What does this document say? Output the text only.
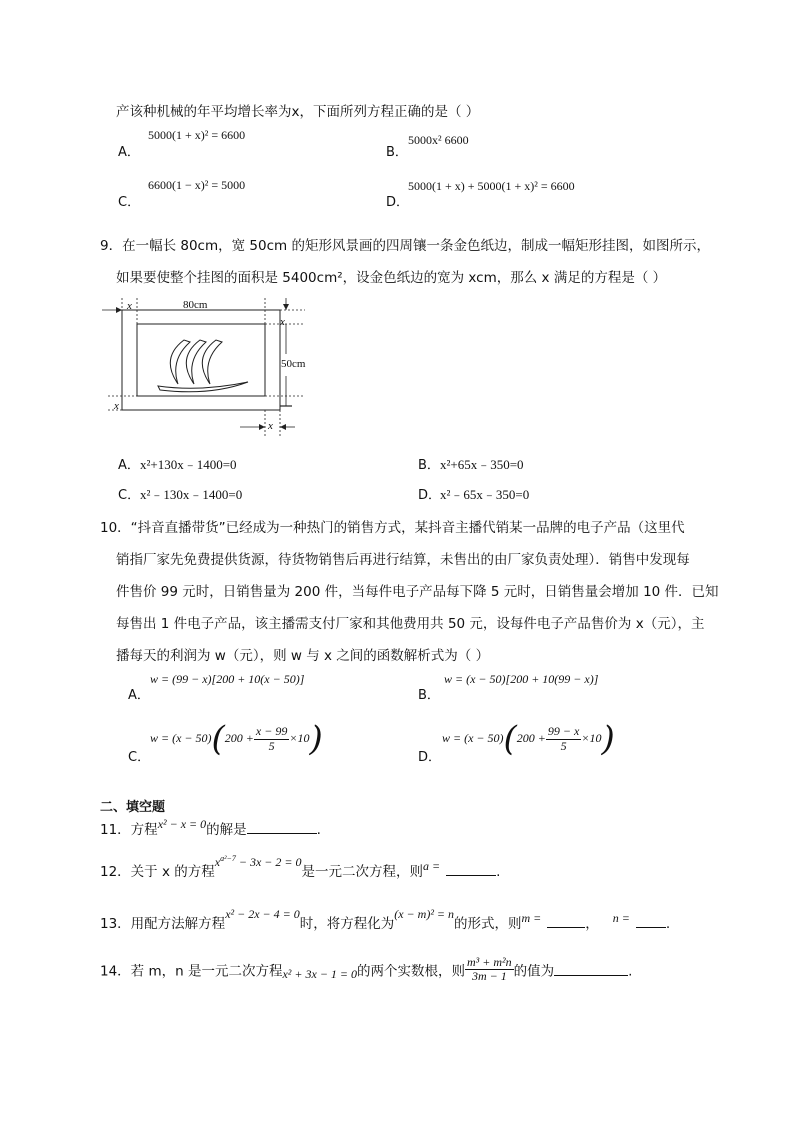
产该种机械的年平均增长率为x，下面所列方程正确的是（ ）
A．
5000(1 + x)² = 6600
B．
5000x² 6600
C．
6600(1 − x)² = 5000
D．
5000(1 + x) + 5000(1 + x)² = 6600
9．在一幅长 80cm，宽 50cm 的矩形风景画的四周镶一条金色纸边，制成一幅矩形挂图，如图所示，
如果要使整个挂图的面积是 5400cm²，设金色纸边的宽为 xcm，那么 x 满足的方程是（ ）
x	80cm
x
50cm
x
x
A． x²+130x﹣1400=0	B． x²+65x﹣350=0
C． x²﹣130x﹣1400=0	D．
x²﹣65x﹣350=0
10．“抖音直播带货”已经成为一种热门的销售方式，某抖音主播代销某一品牌的电子产品（这里代
销指厂家先免费提供货源，待货物销售后再进行结算，未售出的由厂家负责处理）．销售中发现每
件售价 99 元时，日销售量为 200 件，当每件电子产品每下降 5 元时，日销售量会增加 10 件．已知
每售出 1 件电子产品，该主播需支付厂家和其他费用共 50 元，设每件电子产品售价为 x（元），主
播每天的利润为 w（元），则 w 与 x 之间的函数解析式为（ ）
A．
w = (99 − x)[200 + 10(x − 50)]
B．
w = (x − 50)[200 + 10(99 − x)]
C．
$w = (x - 50)(200 + \frac{x - 99}{5} \times 10)$	D．
$w = (x - 50)(200 + \frac{99 - x}{5} \times 10)$
二、填空题
11．方程x² − x = 0的解是	.
12．关于 x 的方程$x^{a^2-7} - 3x - 2 = 0$是一元二次方程，则a =	.
13．用配方法解方程x² − 2x − 4 = 0时，将方程化为(x − m)² = n的形式，则m =	， n =	.
14．若 m，n 是一元二次方程x² + 3x − 1 = 0的两个实数根，则 $\frac{\text{m³ + m²n}}{3m - 1}$ 的值为	.
